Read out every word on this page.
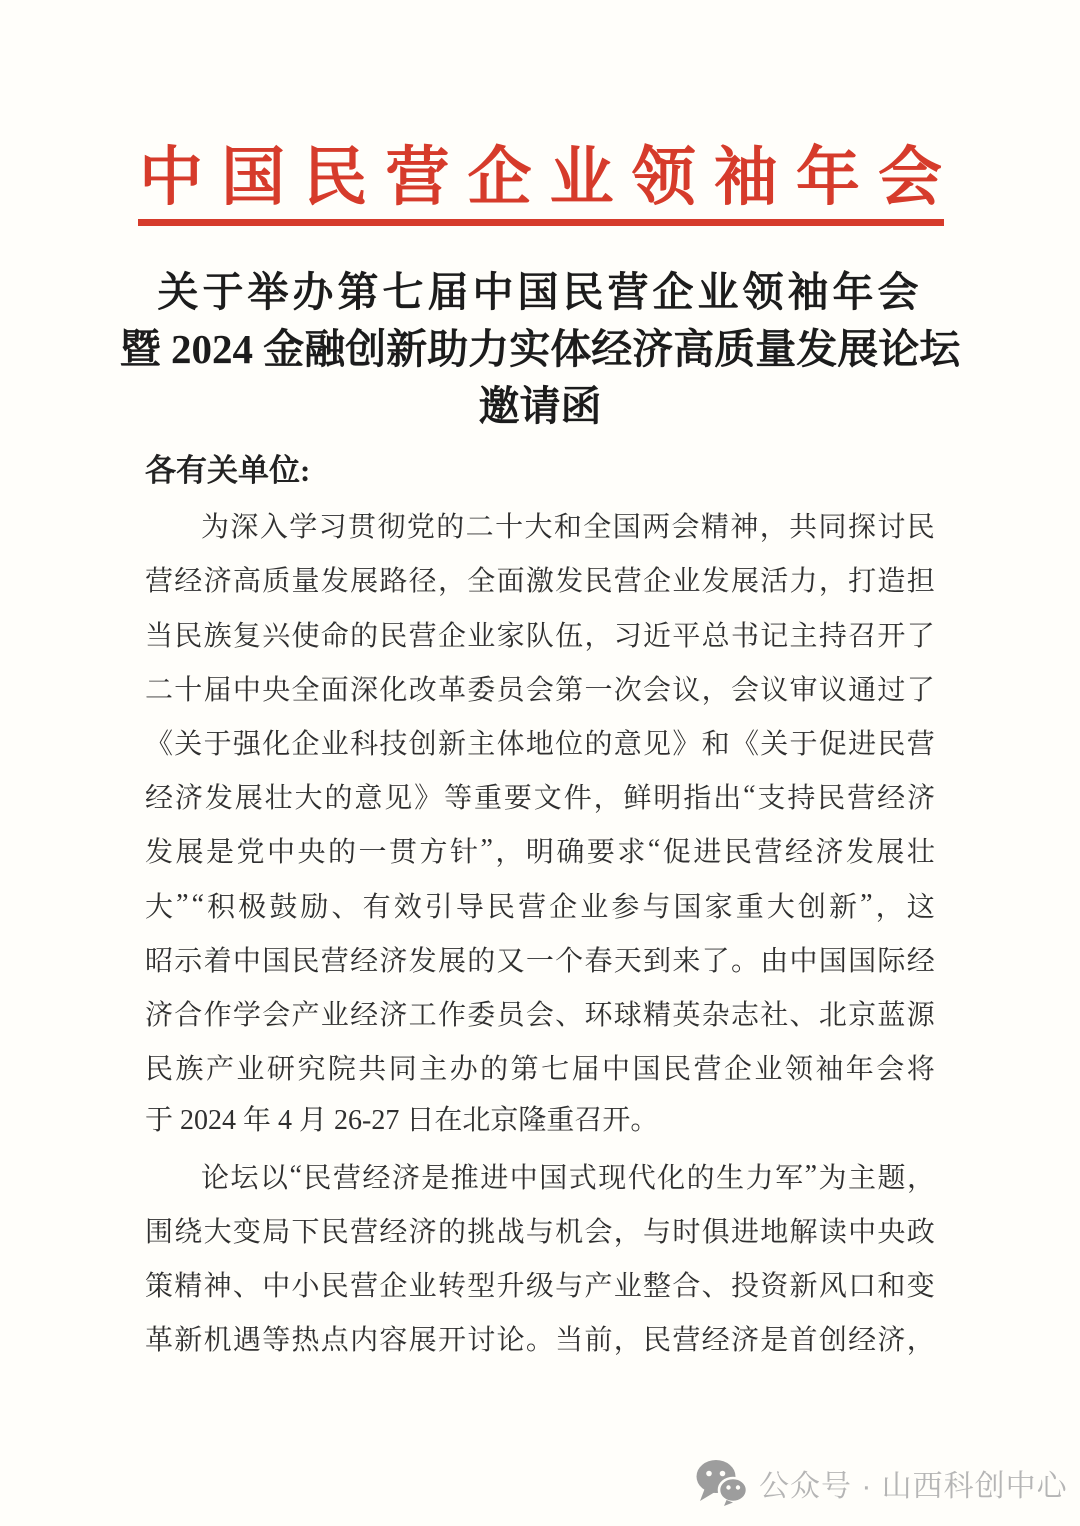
中 国 民 营 企 业 领 袖 年 会
关于举办第七届中国民营企业领袖年会
暨 2024 金融创新助力实体经济高质量发展论坛
邀请函
各有关单位:
为 深 入 学 习 贯 彻 党 的 二 十 大 和 全 国 两 会 精 神 ， 共 同 探 讨 民
营 经 济 高 质 量 发 展 路 径 ， 全 面 激 发 民 营 企 业 发 展 活 力 ， 打 造 担
当 民 族 复 兴 使 命 的 民 营 企 业 家 队 伍 ， 习 近 平 总 书 记 主 持 召 开 了
二 十 届 中 央 全 面 深 化 改 革 委 员 会 第 一 次 会 议 ， 会 议 审 议 通 过 了
《 关 于 强 化 企 业 科 技 创 新 主 体 地 位 的 意 见 》 和 《 关 于 促 进 民 营
经 济 发 展 壮 大 的 意 见 》 等 重 要 文 件 ， 鲜 明 指 出 “ 支 持 民 营 经 济
发 展 是 党 中 央 的 一 贯 方 针 ” ， 明 确 要 求 “ 促 进 民 营 经 济 发 展 壮
大 ” “ 积 极 鼓 励 、 有 效 引 导 民 营 企 业 参 与 国 家 重 大 创 新 ” ， 这
昭 示 着 中 国 民 营 经 济 发 展 的 又 一 个 春 天 到 来 了 。 由 中 国 国 际 经
济 合 作 学 会 产 业 经 济 工 作 委 员 会 、 环 球 精 英 杂 志 社 、 北 京 蓝 源
民 族 产 业 研 究 院 共 同 主 办 的 第 七 届 中 国 民 营 企 业 领 袖 年 会 将
于 2024 年 4 月 26-27 日在北京隆重召开。
论 坛 以 “ 民 营 经 济 是 推 进 中 国 式 现 代 化 的 生 力 军 ” 为 主 题 ，
围 绕 大 变 局 下 民 营 经 济 的 挑 战 与 机 会 ， 与 时 俱 进 地 解 读 中 央 政
策 精 神 、 中 小 民 营 企 业 转 型 升 级 与 产 业 整 合 、 投 资 新 风 口 和 变
革 新 机 遇 等 热 点 内 容 展 开 讨 论 。 当 前 ， 民 营 经 济 是 首 创 经 济 ，
公众号 · 山西科创中心
